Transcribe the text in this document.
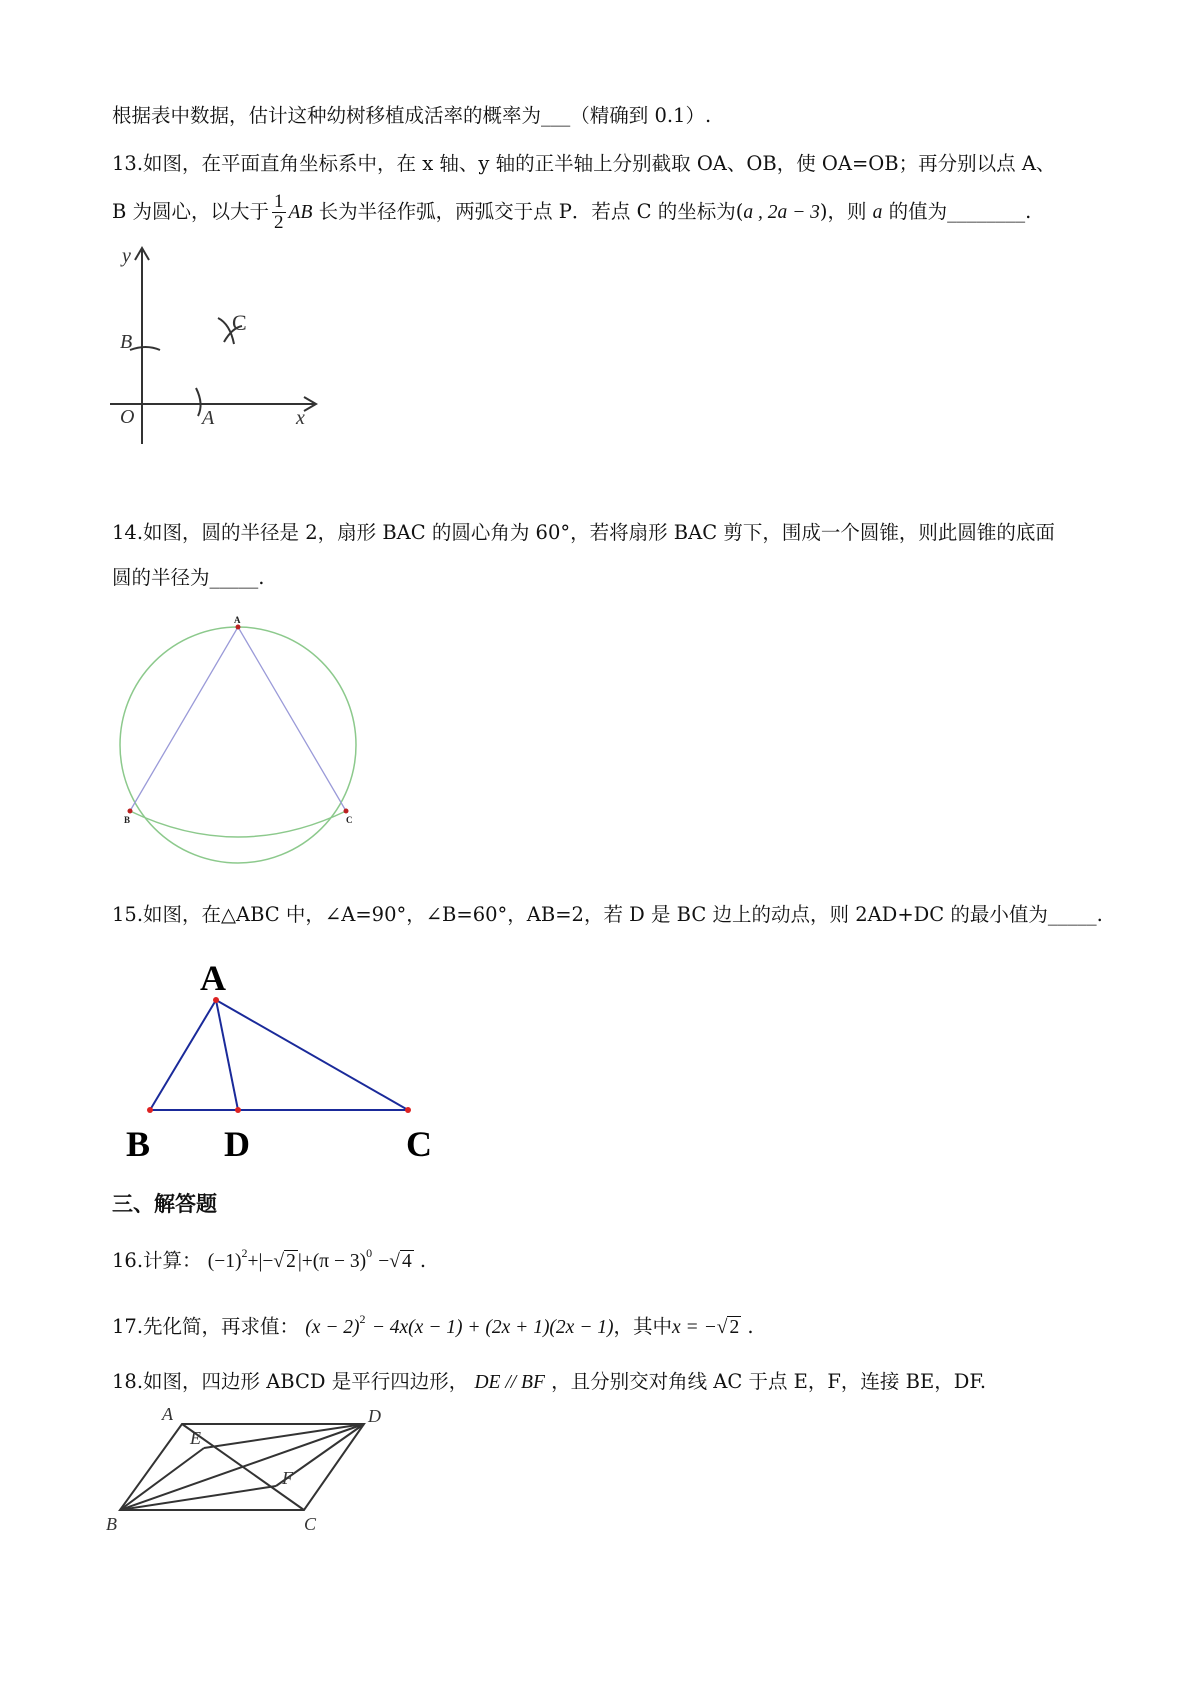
根据表中数据，估计这种幼树移植成活率的概率为___（精确到 0.1）.
13.如图，在平面直角坐标系中，在 x 轴、y 轴的正半轴上分别截取 OA、OB，使 OA=OB；再分别以点 A、
B 为圆心，以大于 $\frac{1}{2}$ AB 长为半径作弧，两弧交于点 P．若点 C 的坐标为(a , 2a − 3)，则 a 的值为________.
y
x
O	A
B
C
14.如图，圆的半径是 2，扇形 BAC 的圆心角为 60°，若将扇形 BAC 剪下，围成一个圆锥，则此圆锥的底面
圆的半径为_____.
A
B	C
15.如图，在△ABC 中，∠A=90°，∠B=60°，AB=2，若 D 是 BC 边上的动点，则 2AD+DC 的最小值为_____.
A
B D	C
三、解答题
16.计算： $(-1)^2+|-√$ 2 $|+(\pi - 3)^0$ −√ 4 .
17.先化简，再求值： $(x - 2)^2 - 4x(x - 1) + (2x + 1)(2x - 1)$，其中x = −√ 2 .
18.如图，四边形 ABCD 是平行四边形， DE // BF ，且分别交对角线 AC 于点 E，F，连接 BE，DF.
A	D
E
F
B	C
